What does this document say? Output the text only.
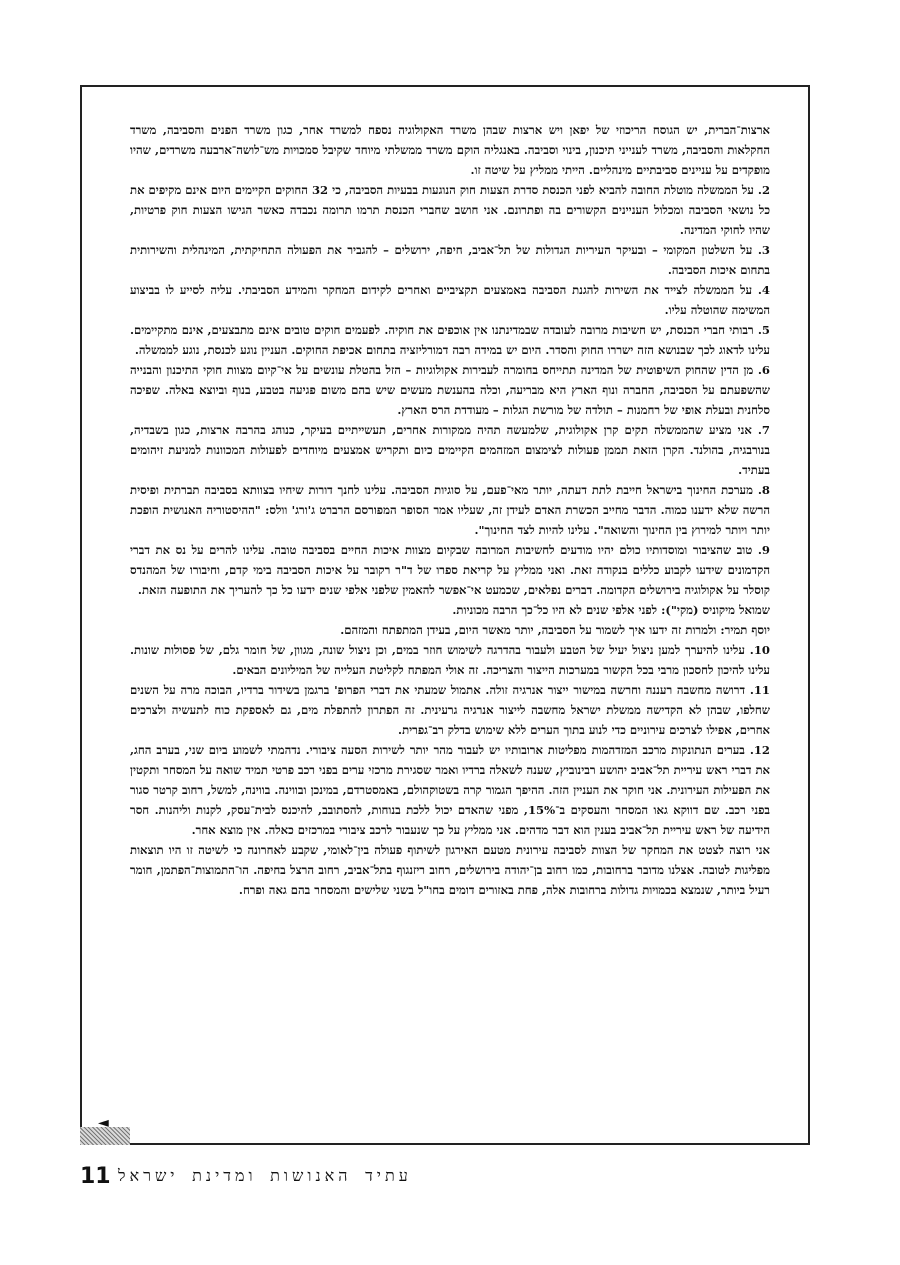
ארצות־הברית, יש הגוסח הריכוזי של יפאן ויש ארצות שבהן משרד האקולוגיה נספח למשרד אחר, כגון משרד הפנים והסביבה, משרד החקלאות והסביבה, משרד לענייני תיכנון, בינוי וסביבה. באנגליה הוקם משרד ממשלתי מיוחד שקיבל סמכויות מש־לושה־ארבעה משרדים, שהיו מופקדים על עניינים סביבתיים מינהליים. הייתי ממליץ על שיטה זו.

2. על הממשלה מוטלת החובה להביא לפני הכנסת סדרת הצעות חוק הנוגעות בבעיות הסביבה, כי 32 החוקים הקיימים היום אינם מקיפים את כל נושאי הסביבה ומכלול העניינים הקשורים בה ופתרונם. אני חושב שחברי הכנסת תרמו תרומה נכבדה כאשר הגישו הצעות חוק פרטיות, שהיו לחוקי המדינה.

3. על השלטון המקומי – ובעיקר העיריות הגדולות של תל־אביב, חיפה, ירושלים – להגביר את הפעולה התחיקתית, המינהלית והשירותית בתחום איכות הסביבה.

4. על הממשלה לצייד את השירות להגנת הסביבה באמצעים תקציביים ואחרים לקידום המחקר והמידע הסביבתי. עליה לסייע לו בביצוע המשימה שהוטלה עליו.

5. רבותי חברי הכנסת, יש חשיבות מרובה לעובדה שבמדינתנו אין אוכפים את חוקיה. לפעמים חוקים טובים אינם מתבצעים, אינם מתקיימים. עלינו לדאוג לכך שבנושא הזה ישררו החוק והסדר. היום יש במידה רבה דמורליזציה בתחום אכיפת החוקים. העניין נוגע לכנסת, נוגע לממשלה.

6. מן הדין שהחוק השיפוטית של המדינה תתייחס בחומרה לעבירות אקולוגיות – הזל בהטלת עונשים על אי־קיום מצוות חוקי התיכנון והבנייה שהשפעתם על הסביבה, החברה ונוף הארץ היא מבריעה, וכלה בהענשת מעשים שיש בהם משום פגיעה בטבע, בנוף וביוצא באלה. שפיכה סלחנית ובעלת אופי של רחמנות – תולדה של מורשת הגלות – מעודדת הרס הארץ.

7. אני מציע שהממשלה תקים קרן אקולוגית, שלמעשה תהיה ממקורות אחרים, תעשייתיים בעיקר, כנוהג בהרבה ארצות, כגון בשבדיה, בנורבגיה, בהולנד. הקרן הזאת תממן פעולות לצימצום המזהמים הקיימים כיום ותקריש אמצעים מיוחדים לפעולות המכוונות למניעת זיהומים בעתיד.

8. מערכת החינוך בישראל חייבת לתת דעתה, יותר מאי־פעם, על סוגיות הסביבה. עלינו לחנך דורות שיחיו בצוותא בסביבה תברתית ופיסית הרשה שלא ידענו כמוה. הדבר מחייב הכשרת האדם לעידן זה, שעליו אמר הסופר המפורסם הרברט ג'ורג' וולס: "ההיסטוריה האנושית הופכת יותר ויותר למירוץ בין החינוך והשואה". עלינו להיות לצד החינוך".

9. טוב שהציבור ומוסדותיו כולם יהיו מודעים לחשיבות המרובה שבקיום מצוות איכות החיים בסביבה טובה. עלינו להרים על נס את דברי הקדמונים שידעו לקבוע כללים בנקודה זאת. ואני ממליץ על קריאת ספרו של ד"ר רקובר על איכות הסביבה בימי קדם, וחיבורו של המהנדס קוסלר על אקולוגיה בירושלים הקדומה. דברים נפלאים, שכמעט אי־אפשר להאמין שלפני אלפי שנים ידעו כל כך להעריך את התופעה הזאת.

שמואל מיקוניס (מקי"): לפני אלפי שנים לא היו כל־כך הרבה מכוניות.

יוסף תמיר: ולמרות זה ידעו איך לשמור על הסביבה, יותר מאשר היום, בעידן המתפתח והמזהם.

10. עלינו להיערך למען ניצול יעיל של הטבע ולעבור בהדרגה לשימוש חוזר במים, וכן ניצול שונה, מגוון, של חומר גלם, של פסולות שונות. עלינו להיכון לחסכון מרבי בכל הקשור במערכות הייצור והצריכה. זה אולי המפתח לקליטת העלייה של המיליונים הבאים.

11. דרושה מחשבה רעננה וחרשה במישור ייצור אנרגיה זולה. אתמול שמעתי את דברי הפרופ' ברגמן בשידור ברדיו, הבוכה מרה על השנים שחלפו, שבהן לא הקדישה ממשלת ישראל מחשבה לייצור אנרגיה גרעינית. זה הפתרון להתפלת מים, גם לאספקת כוח לתעשיה ולצרכים אחרים, אפילו לצרכים עירוניים כדי לנוע בתוך הערים ללא שימוש בדלק רב־גפרית.

12. בערים הנתונקות מרכב המזדהמות מפליטות ארובותיו יש לעבור מהר יותר לשירות הסעה ציבורי. נדהמתי לשמוע ביום שני, בערב החג, את דברי ראש עיריית תל־אביב יהושע רבינוביץ, שענה לשאלה ברדיו ואמר שסגירת מרכזי ערים בפני רכב פרטי תמיד שואה על המסחר ותקטין את הפעילות העירונית. אני חוקר את העניין הזה. ההיפך הגמור קרה בשטוקהולם, באמסטרדם, במינכן ובווינה. בווינה, למשל, רחוב קרטר סגור בפני רכב. שם דווקא גאו המסחר והעסקים ב־15%, מפני שהאדם יכול ללכת בנוחות, להסתובב, להיכנס לבית־עסק, לקנות וליהנות. חסר הידיעה של ראש עיריית תל־אביב בענין הוא דבר מדהים. אני ממליץ על כך שנעבור לרכב ציבורי במרכזים כאלה. אין מוצא אחר.

אני רוצה לצטט את המחקר של הצוות לסביבה עירונית מטעם האירגון לשיתוף פעולה בין־לאומי, שקבע לאחרונה כי לשיטה זו היו תוצאות מפליגות לטובה. אצלנו מדובר ברחובות, כמו רחוב בן־יהודה בירושלים, רחוב ריזנגוף בתל־אביב, רחוב הרצל בחיפה. הו־התמוצות־הפתמן, חומר רעיל ביותר, שנמצא בכמויות גדולות ברחובות אלה, פחת באזורים דומים בחו"ל בשני שלישים והמסחר בהם גאה ופרח.

◄
11 עתיד האנושות ומדינת ישראל
